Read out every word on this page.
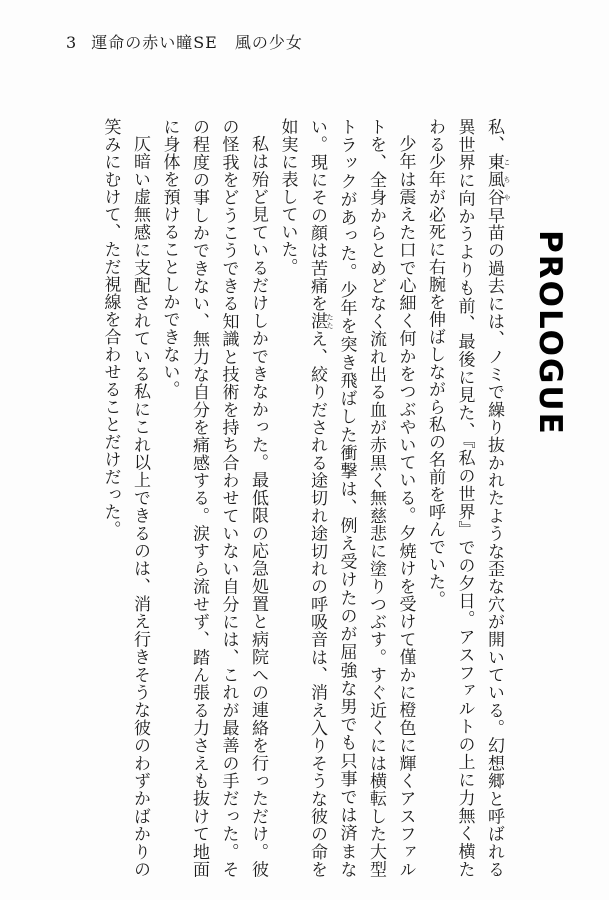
3 運命の赤い瞳SE　風の少女
PROLOGUE

私、東風谷 こちや早苗の過去には、ノミで繰り抜かれたような歪な穴が開いている。幻想郷と呼ばれる異世界に向かうよりも前、最後に見た、『私の世界』での夕日。アスファルトの上に力無く横たわる少年が必死に右腕を伸ばしながら私の名前を呼んでいた。

少年は震えた口で心細く何かをつぶやいている。夕焼けを受けて僅かに橙色に輝くアスファルトを、全身からとめどなく流れ出る血が赤黒く無慈悲に塗りつぶす。すぐ近くには横転した大型トラックがあった。少年を突き飛ばした衝撃は、例え受けたのが屈強な男でも只事では済まない。現にその顔は苦痛を湛 たたえ、絞りだされる途切れ途切れの呼吸音は、消え入りそうな彼の命を如実に表していた。

私は殆ど見ているだけしかできなかった。最低限の応急処置と病院への連絡を行っただけ。彼の怪我をどうこうできる知識と技術を持ち合わせていない自分には、これが最善の手だった。その程度の事しかできない、無力な自分を痛感する。涙すら流せず、踏ん張る力さえも抜けて地面に身体を預けることしかできない。

仄暗い虚無感に支配されている私にこれ以上できるのは、消え行きそうな彼のわずかばかりの笑みにむけて、ただ視線を合わせることだけだった。
